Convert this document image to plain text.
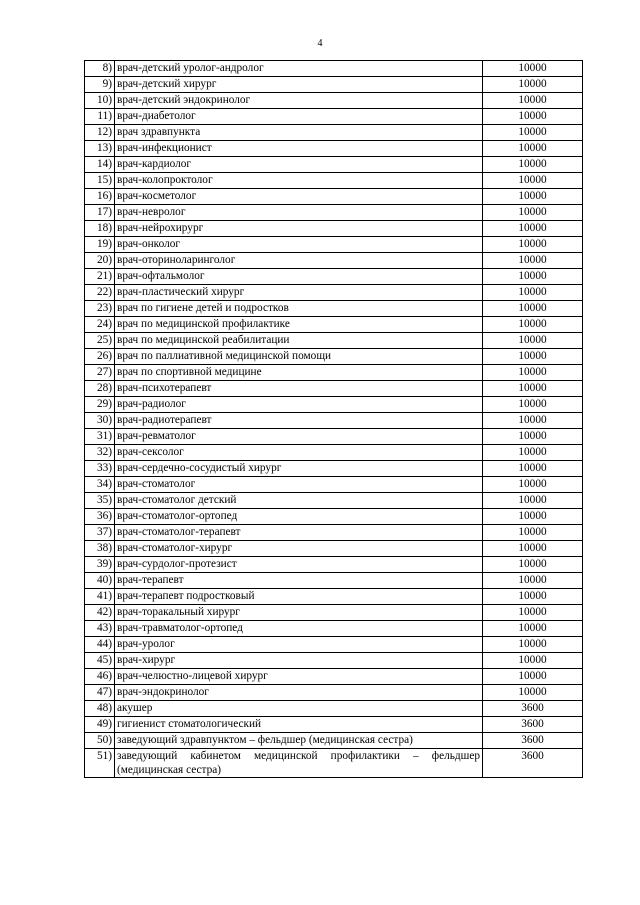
4
8)	врач-детский уролог-андролог	10000
9)	врач-детский хирург	10000
10)	врач-детский эндокринолог	10000
11)	врач-диабетолог	10000
12)	врач здравпункта	10000
13)	врач-инфекционист	10000
14)	врач-кардиолог	10000
15)	врач-колопроктолог	10000
16)	врач-косметолог	10000
17)	врач-невролог	10000
18)	врач-нейрохирург	10000
19)	врач-онколог	10000
20)	врач-оториноларинголог	10000
21)	врач-офтальмолог	10000
22)	врач-пластический хирург	10000
23)	врач по гигиене детей и подростков	10000
24)	врач по медицинской профилактике	10000
25)	врач по медицинской реабилитации	10000
26)	врач по паллиативной медицинской помощи	10000
27)	врач по спортивной медицине	10000
28)	врач-психотерапевт	10000
29)	врач-радиолог	10000
30)	врач-радиотерапевт	10000
31)	врач-ревматолог	10000
32)	врач-сексолог	10000
33)	врач-сердечно-сосудистый хирург	10000
34)	врач-стоматолог	10000
35)	врач-стоматолог детский	10000
36)	врач-стоматолог-ортопед	10000
37)	врач-стоматолог-терапевт	10000
38)	врач-стоматолог-хирург	10000
39)	врач-сурдолог-протезист	10000
40)	врач-терапевт	10000
41)	врач-терапевт подростковый	10000
42)	врач-торакальный хирург	10000
43)	врач-травматолог-ортопед	10000
44)	врач-уролог	10000
45)	врач-хирург	10000
46)	врач-челюстно-лицевой хирург	10000
47)	врач-эндокринолог	10000
48)	акушер	3600
49)	гигиенист стоматологический	3600
50)	заведующий здравпунктом – фельдшер (медицинская сестра)	3600
51)	заведующий кабинетом медицинской профилактики – фельдшер (медицинская сестра)	3600
